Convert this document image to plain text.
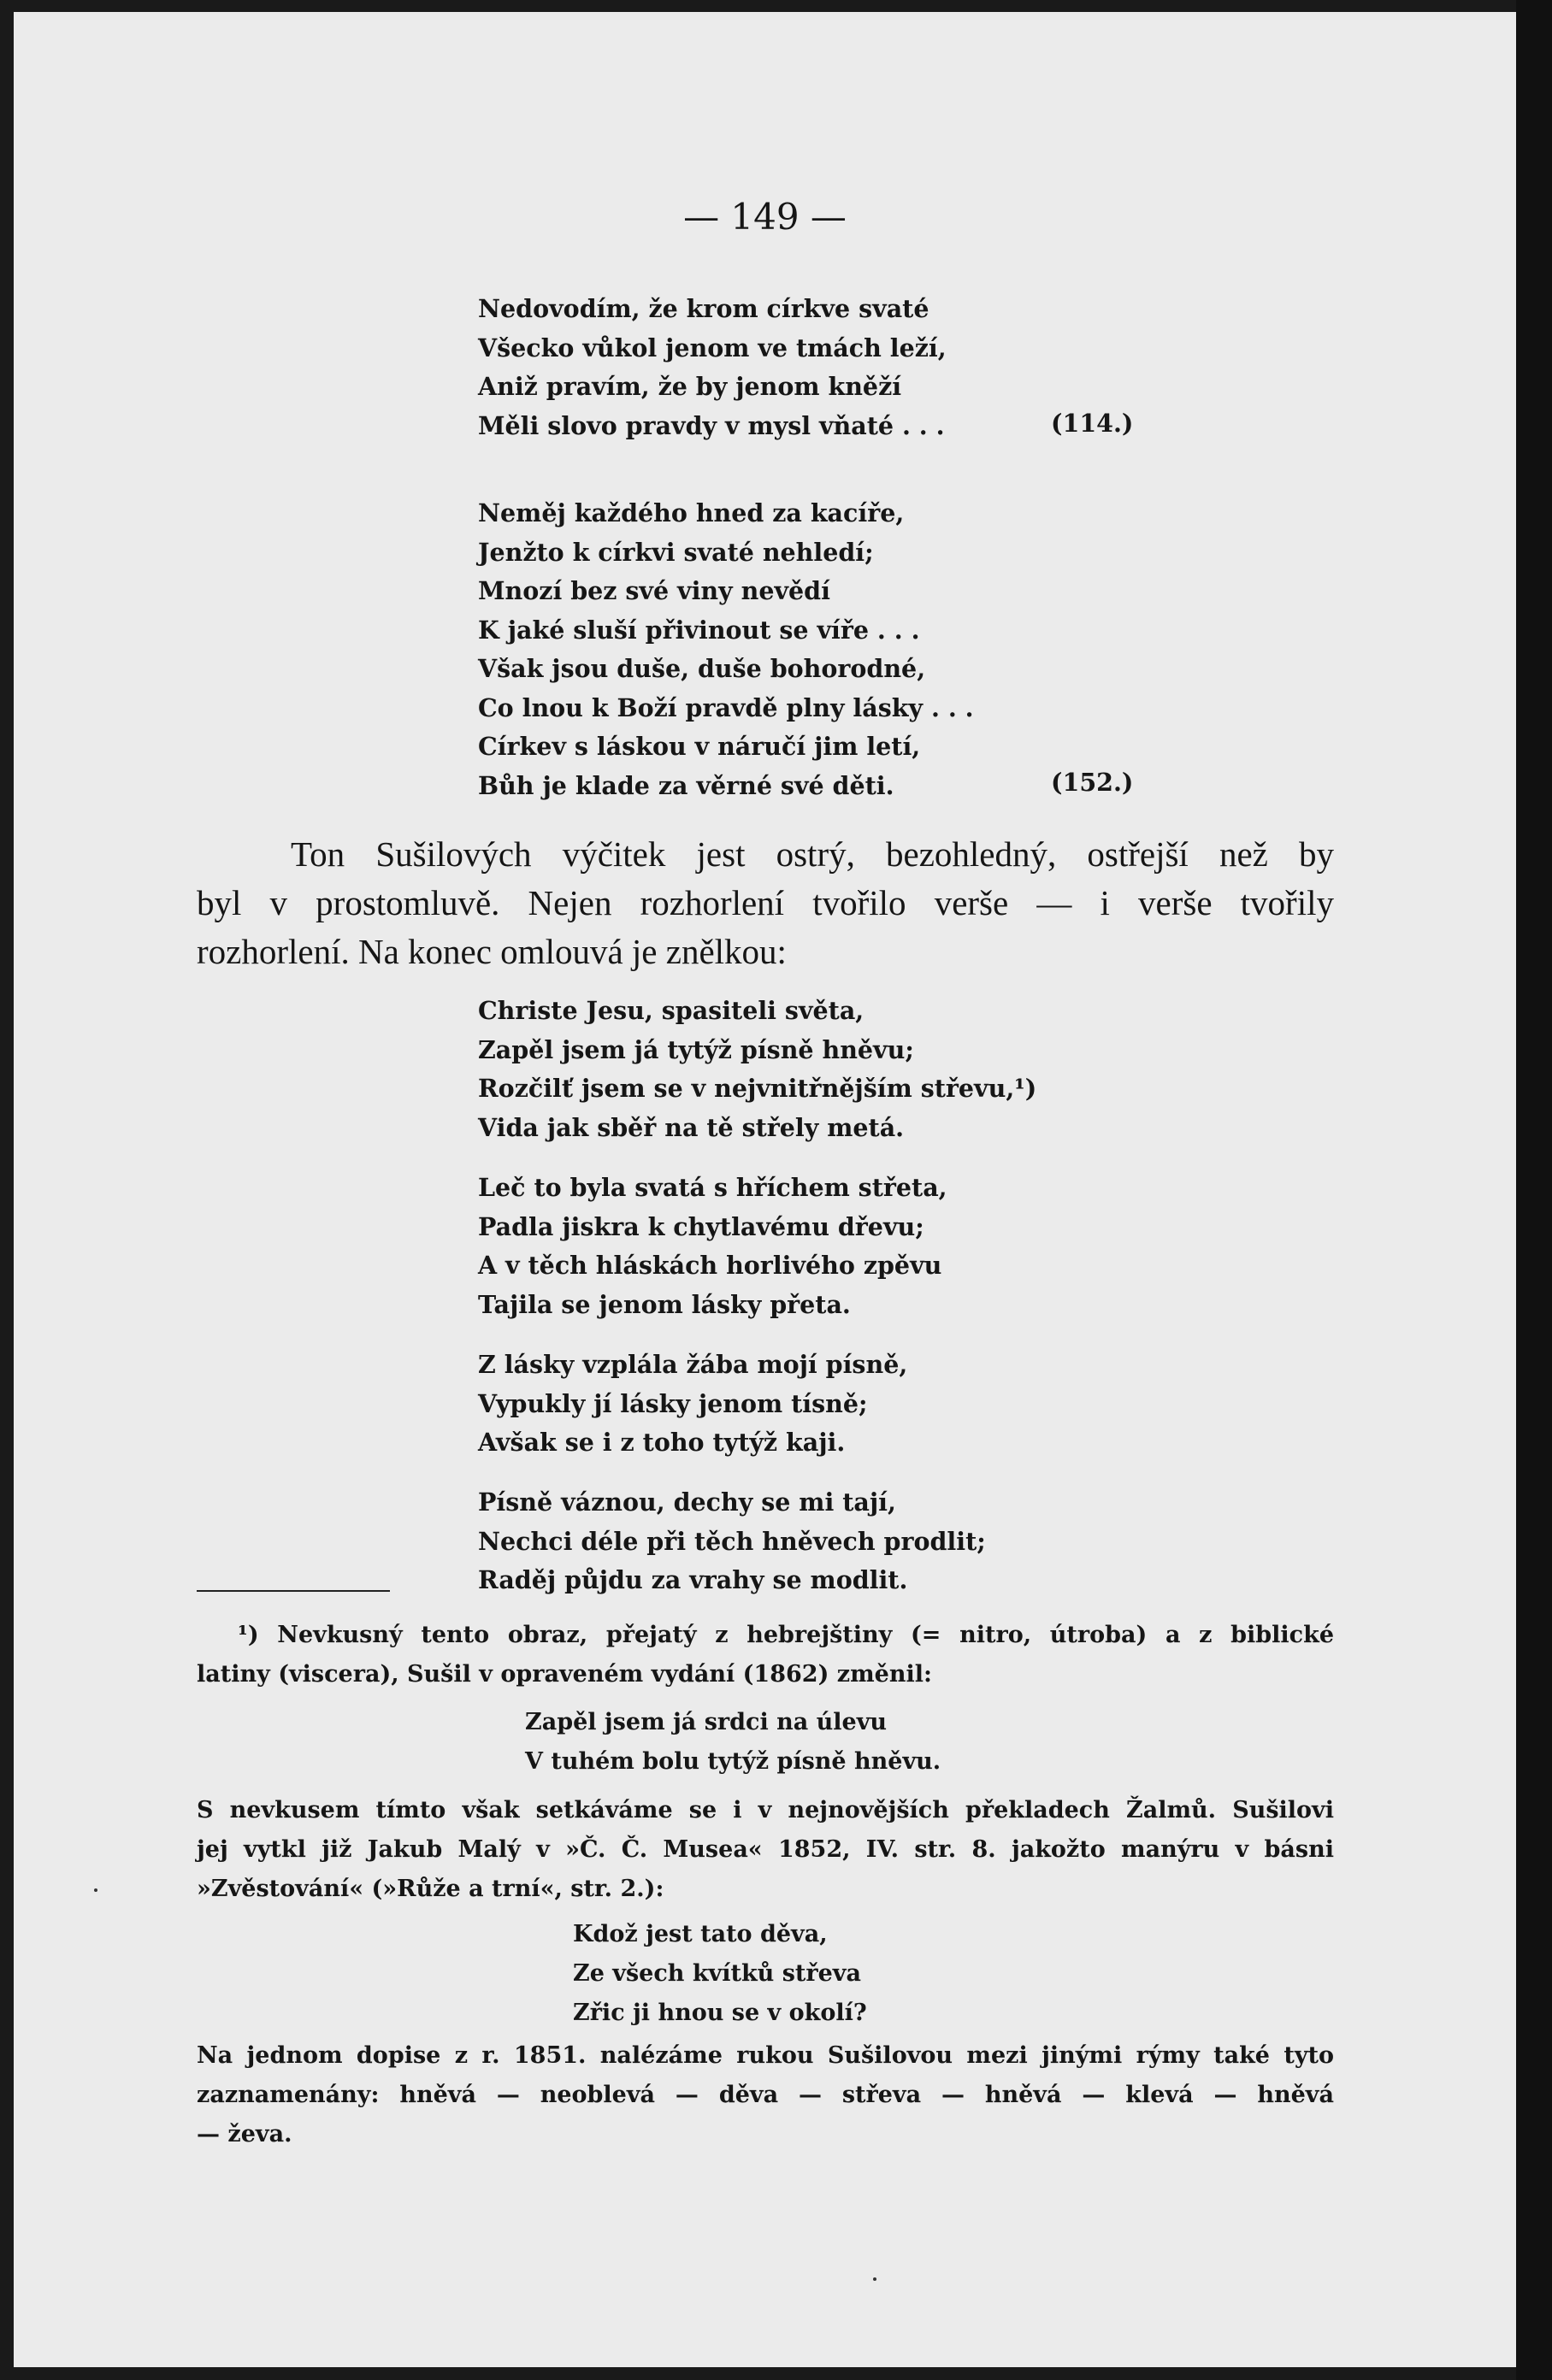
— 149 —
Nedovodím, že krom církve svaté
Všecko vůkol jenom ve tmách leží,
Aniž pravím, že by jenom kněží
Měli slovo pravdy v mysl vňaté . . .	(114.)
Neměj každého hned za kacíře,
Jenžto k církvi svaté nehledí;
Mnozí bez své viny nevědí
K jaké sluší přivinout se víře . . .
Však jsou duše, duše bohorodné,
Co lnou k Boží pravdě plny lásky . . .
Církev s láskou v náručí jim letí,
Bůh je klade za věrné své děti.	(152.)
Ton Sušilových výčitek jest ostrý, bezohledný, ostřejší než by
byl v prostomluvě. Nejen rozhorlení tvořilo verše — i verše tvořily
rozhorlení. Na konec omlouvá je znělkou:
Christe Jesu, spasiteli světa,
Zapěl jsem já tytýž písně hněvu;
Rozčilť jsem se v nejvnitřnějším střevu,¹)
Vida jak sběř na tě střely metá.
Leč to byla svatá s hříchem střeta,
Padla jiskra k chytlavému dřevu;
A v těch hláskách horlivého zpěvu
Tajila se jenom lásky přeta.
Z lásky vzplála žába mojí písně,
Vypukly jí lásky jenom tísně;
Avšak se i z toho tytýž kaji.
Písně váznou, dechy se mi tají,
Nechci déle při těch hněvech prodlit;
Raděj půjdu za vrahy se modlit.
¹) Nevkusný tento obraz, přejatý z hebrejštiny (= nitro, útroba) a z biblické
latiny (viscera), Sušil v opraveném vydání (1862) změnil:
Zapěl jsem já srdci na úlevu
V tuhém bolu tytýž písně hněvu.
S nevkusem tímto však setkáváme se i v nejnovějších překladech Žalmů. Sušilovi
jej vytkl již Jakub Malý v »Č. Č. Musea« 1852, IV. str. 8. jakožto manýru v básni
»Zvěstování« (»Růže a trní«, str. 2.):
Kdož jest tato děva,
Ze všech kvítků střeva
Zřic ji hnou se v okolí?
Na jednom dopise z r. 1851. nalézáme rukou Sušilovou mezi jinými rýmy také tyto
zaznamenány: hněvá — neoblevá — děva — střeva — hněvá — klevá — hněvá
— ževa.
